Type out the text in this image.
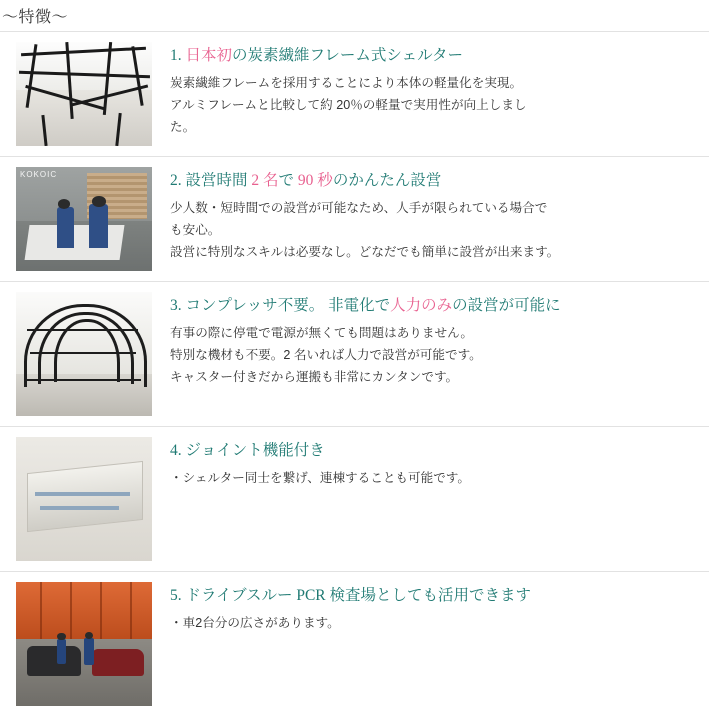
〜特徴〜
1. 日本初の炭素繊維フレーム式シェルター
炭素繊維フレームを採用することにより本体の軽量化を実現。
アルミフレームと比較して約 20％の軽量で実用性が向上しまし
た。
KOKOIC	2. 設営時間 2 名で 90 秒のかんたん設営
少人数・短時間での設営が可能なため、人手が限られている場合で
も安心。
設営に特別なスキルは必要なし。どなだでも簡単に設営が出来ます。
3. コンプレッサ不要。 非電化で人力のみの設営が可能に
有事の際に停電で電源が無くても問題はありません。
特別な機材も不要。2 名いれば人力で設営が可能です。
キャスター付きだから運搬も非常にカンタンです。
4. ジョイント機能付き
・シェルター同士を繋げ、連棟することも可能です。
5. ドライブスルー PCR 検査場としても活用できます
・車2台分の広さがあります。
